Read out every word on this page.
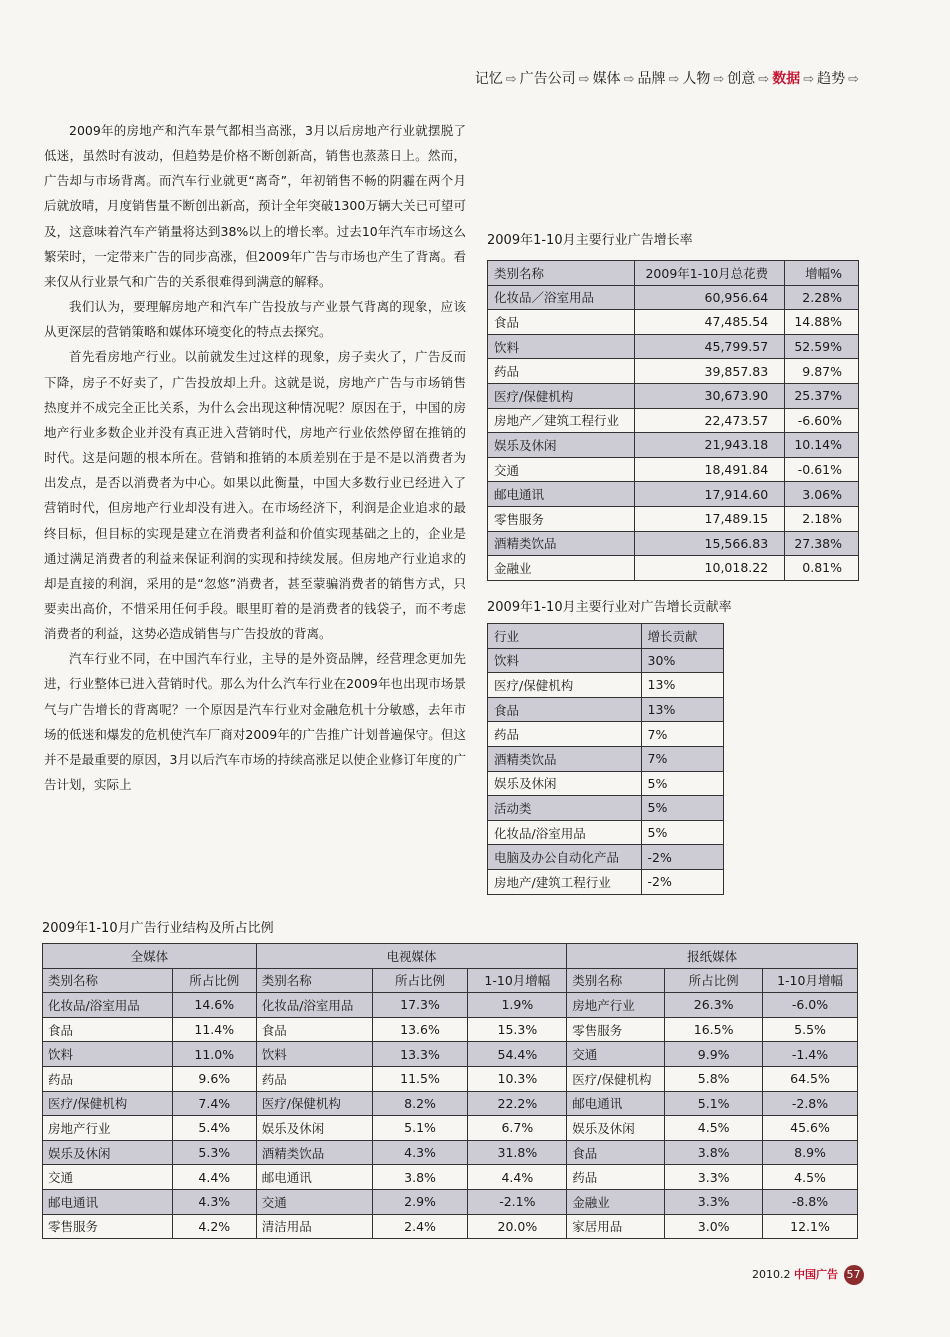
记忆 ⇨ 广告公司 ⇨ 媒体 ⇨ 品牌 ⇨ 人物 ⇨ 创意 ⇨ 数据 ⇨ 趋势 ⇨

2009年的房地产和汽车景气都相当高涨，3月以后房地产行业就摆脱了低迷，虽然时有波动，但趋势是价格不断创新高，销售也蒸蒸日上。然而，广告却与市场背离。而汽车行业就更“离奇”，年初销售不畅的阴霾在两个月后就放晴，月度销售量不断创出新高，预计全年突破1300万辆大关已可望可及，这意味着汽车产销量将达到38%以上的增长率。过去10年汽车市场这么繁荣时，一定带来广告的同步高涨，但2009年广告与市场也产生了背离。看来仅从行业景气和广告的关系很难得到满意的解释。

我们认为，要理解房地产和汽车广告投放与产业景气背离的现象，应该从更深层的营销策略和媒体环境变化的特点去探究。

首先看房地产行业。以前就发生过这样的现象，房子卖火了，广告反而下降，房子不好卖了，广告投放却上升。这就是说，房地产广告与市场销售热度并不成完全正比关系，为什么会出现这种情况呢？原因在于，中国的房地产行业多数企业并没有真正进入营销时代，房地产行业依然停留在推销的时代。这是问题的根本所在。营销和推销的本质差别在于是不是以消费者为出发点，是否以消费者为中心。如果以此衡量，中国大多数行业已经进入了营销时代，但房地产行业却没有进入。在市场经济下，利润是企业追求的最终目标，但目标的实现是建立在消费者利益和价值实现基础之上的，企业是通过满足消费者的利益来保证利润的实现和持续发展。但房地产行业追求的却是直接的利润，采用的是“忽悠”消费者，甚至蒙骗消费者的销售方式，只要卖出高价，不惜采用任何手段。眼里盯着的是消费者的钱袋子，而不考虑消费者的利益，这势必造成销售与广告投放的背离。

汽车行业不同，在中国汽车行业，主导的是外资品牌，经营理念更加先进，行业整体已进入营销时代。那么为什么汽车行业在2009年也出现市场景气与广告增长的背离呢？一个原因是汽车行业对金融危机十分敏感，去年市场的低迷和爆发的危机使汽车厂商对2009年的广告推广计划普遍保守。但这并不是最重要的原因，3月以后汽车市场的持续高涨足以使企业修订年度的广告计划，实际上

2009年1-10月主要行业广告增长率
类别名称	2009年1-10月总花费	增幅%
化妆品／浴室用品	60,956.64	2.28%
食品	47,485.54	14.88%
饮料	45,799.57	52.59%
药品	39,857.83	9.87%
医疗/保健机构	30,673.90	25.37%
房地产／建筑工程行业	22,473.57	-6.60%
娱乐及休闲	21,943.18	10.14%
交通	18,491.84	-0.61%
邮电通讯	17,914.60	3.06%
零售服务	17,489.15	2.18%
酒精类饮品	15,566.83	27.38%
金融业	10,018.22	0.81%
2009年1-10月主要行业对广告增长贡献率
行业	增长贡献
饮料	30%
医疗/保健机构	13%
食品	13%
药品	7%
酒精类饮品	7%
娱乐及休闲	5%
活动类	5%
化妆品/浴室用品	5%
电脑及办公自动化产品	-2%
房地产/建筑工程行业	-2%
2009年1-10月广告行业结构及所占比例
全媒体		电视媒体			报纸媒体		
类别名称	所占比例	类别名称	所占比例	1-10月增幅	类别名称	所占比例	1-10月增幅
化妆品/浴室用品	14.6%	化妆品/浴室用品	17.3%	1.9%	房地产行业	26.3%	-6.0%
食品	11.4%	食品	13.6%	15.3%	零售服务	16.5%	5.5%
饮料	11.0%	饮料	13.3%	54.4%	交通	9.9%	-1.4%
药品	9.6%	药品	11.5%	10.3%	医疗/保健机构	5.8%	64.5%
医疗/保健机构	7.4%	医疗/保健机构	8.2%	22.2%	邮电通讯	5.1%	-2.8%
房地产行业	5.4%	娱乐及休闲	5.1%	6.7%	娱乐及休闲	4.5%	45.6%
娱乐及休闲	5.3%	酒精类饮品	4.3%	31.8%	食品	3.8%	8.9%
交通	4.4%	邮电通讯	3.8%	4.4%	药品	3.3%	4.5%
邮电通讯	4.3%	交通	2.9%	-2.1%	金融业	3.3%	-8.8%
零售服务	4.2%	清洁用品	2.4%	20.0%	家居用品	3.0%	12.1%
2010.2 中国广告 57
